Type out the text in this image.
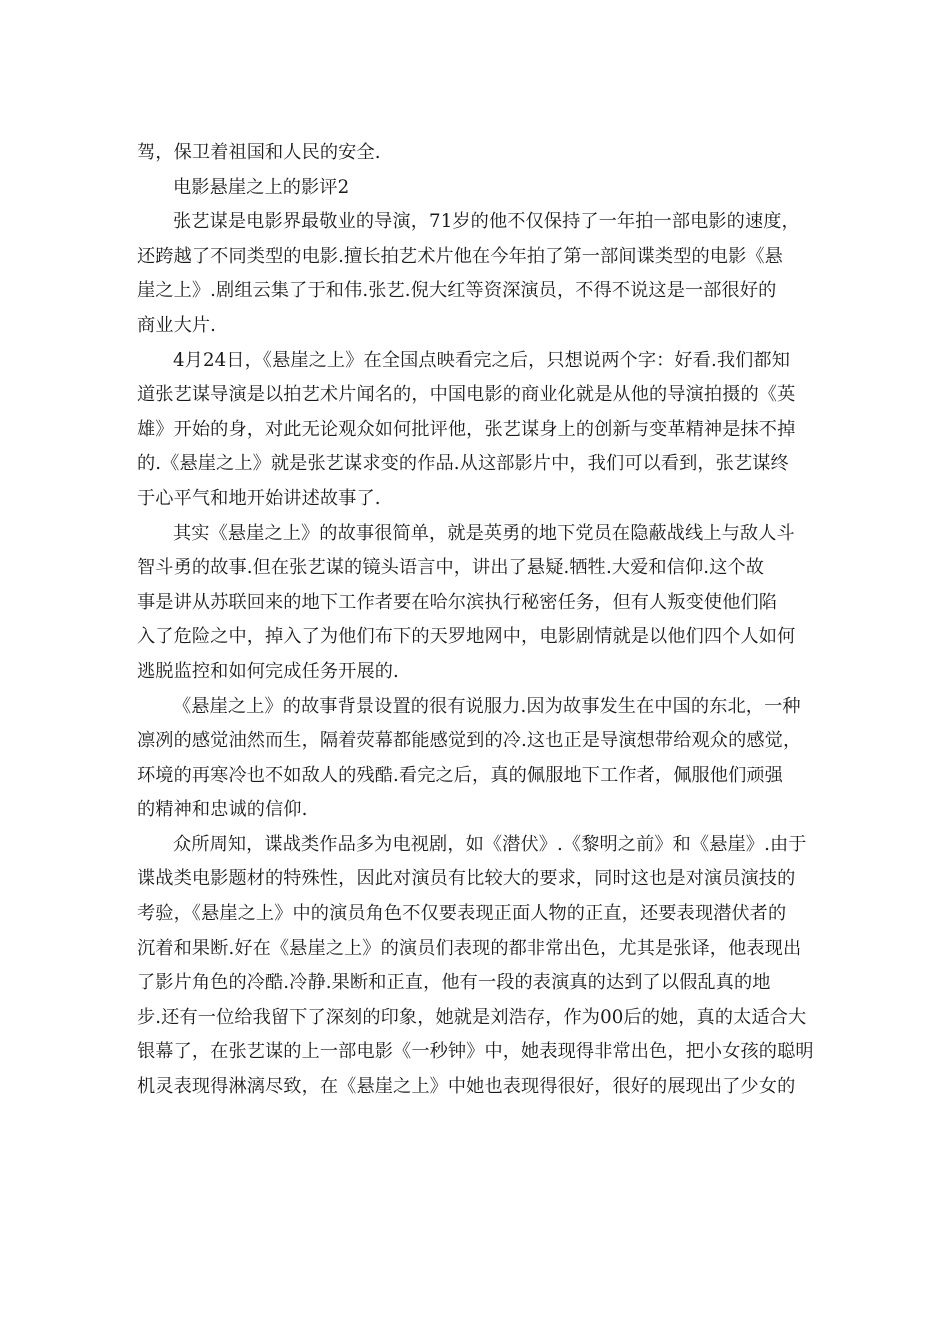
驾，保卫着祖国和人民的安全.
电影悬崖之上的影评2
张艺谋是电影界最敬业的导演，71岁的他不仅保持了一年拍一部电影的速度，
还跨越了不同类型的电影.擅长拍艺术片他在今年拍了第一部间谍类型的电影《悬
崖之上》.剧组云集了于和伟.张艺.倪大红等资深演员，不得不说这是一部很好的
商业大片.
4月24日，《悬崖之上》在全国点映看完之后，只想说两个字：好看.我们都知
道张艺谋导演是以拍艺术片闻名的，中国电影的商业化就是从他的导演拍摄的《英
雄》开始的身，对此无论观众如何批评他，张艺谋身上的创新与变革精神是抹不掉
的.《悬崖之上》就是张艺谋求变的作品.从这部影片中，我们可以看到，张艺谋终
于心平气和地开始讲述故事了.
其实《悬崖之上》的故事很简单，就是英勇的地下党员在隐蔽战线上与敌人斗
智斗勇的故事.但在张艺谋的镜头语言中，讲出了悬疑.牺牲.大爱和信仰.这个故
事是讲从苏联回来的地下工作者要在哈尔滨执行秘密任务，但有人叛变使他们陷
入了危险之中，掉入了为他们布下的天罗地网中，电影剧情就是以他们四个人如何
逃脱监控和如何完成任务开展的.
《悬崖之上》的故事背景设置的很有说服力.因为故事发生在中国的东北，一种
凛冽的感觉油然而生，隔着荧幕都能感觉到的冷.这也正是导演想带给观众的感觉，
环境的再寒冷也不如敌人的残酷.看完之后，真的佩服地下工作者，佩服他们顽强
的精神和忠诚的信仰.
众所周知，谍战类作品多为电视剧，如《潜伏》.《黎明之前》和《悬崖》.由于
谍战类电影题材的特殊性，因此对演员有比较大的要求，同时这也是对演员演技的
考验，《悬崖之上》中的演员角色不仅要表现正面人物的正直，还要表现潜伏者的
沉着和果断.好在《悬崖之上》的演员们表现的都非常出色，尤其是张译，他表现出
了影片角色的冷酷.冷静.果断和正直，他有一段的表演真的达到了以假乱真的地
步.还有一位给我留下了深刻的印象，她就是刘浩存，作为00后的她，真的太适合大
银幕了，在张艺谋的上一部电影《一秒钟》中，她表现得非常出色，把小女孩的聪明
机灵表现得淋漓尽致，在《悬崖之上》中她也表现得很好，很好的展现出了少女的
